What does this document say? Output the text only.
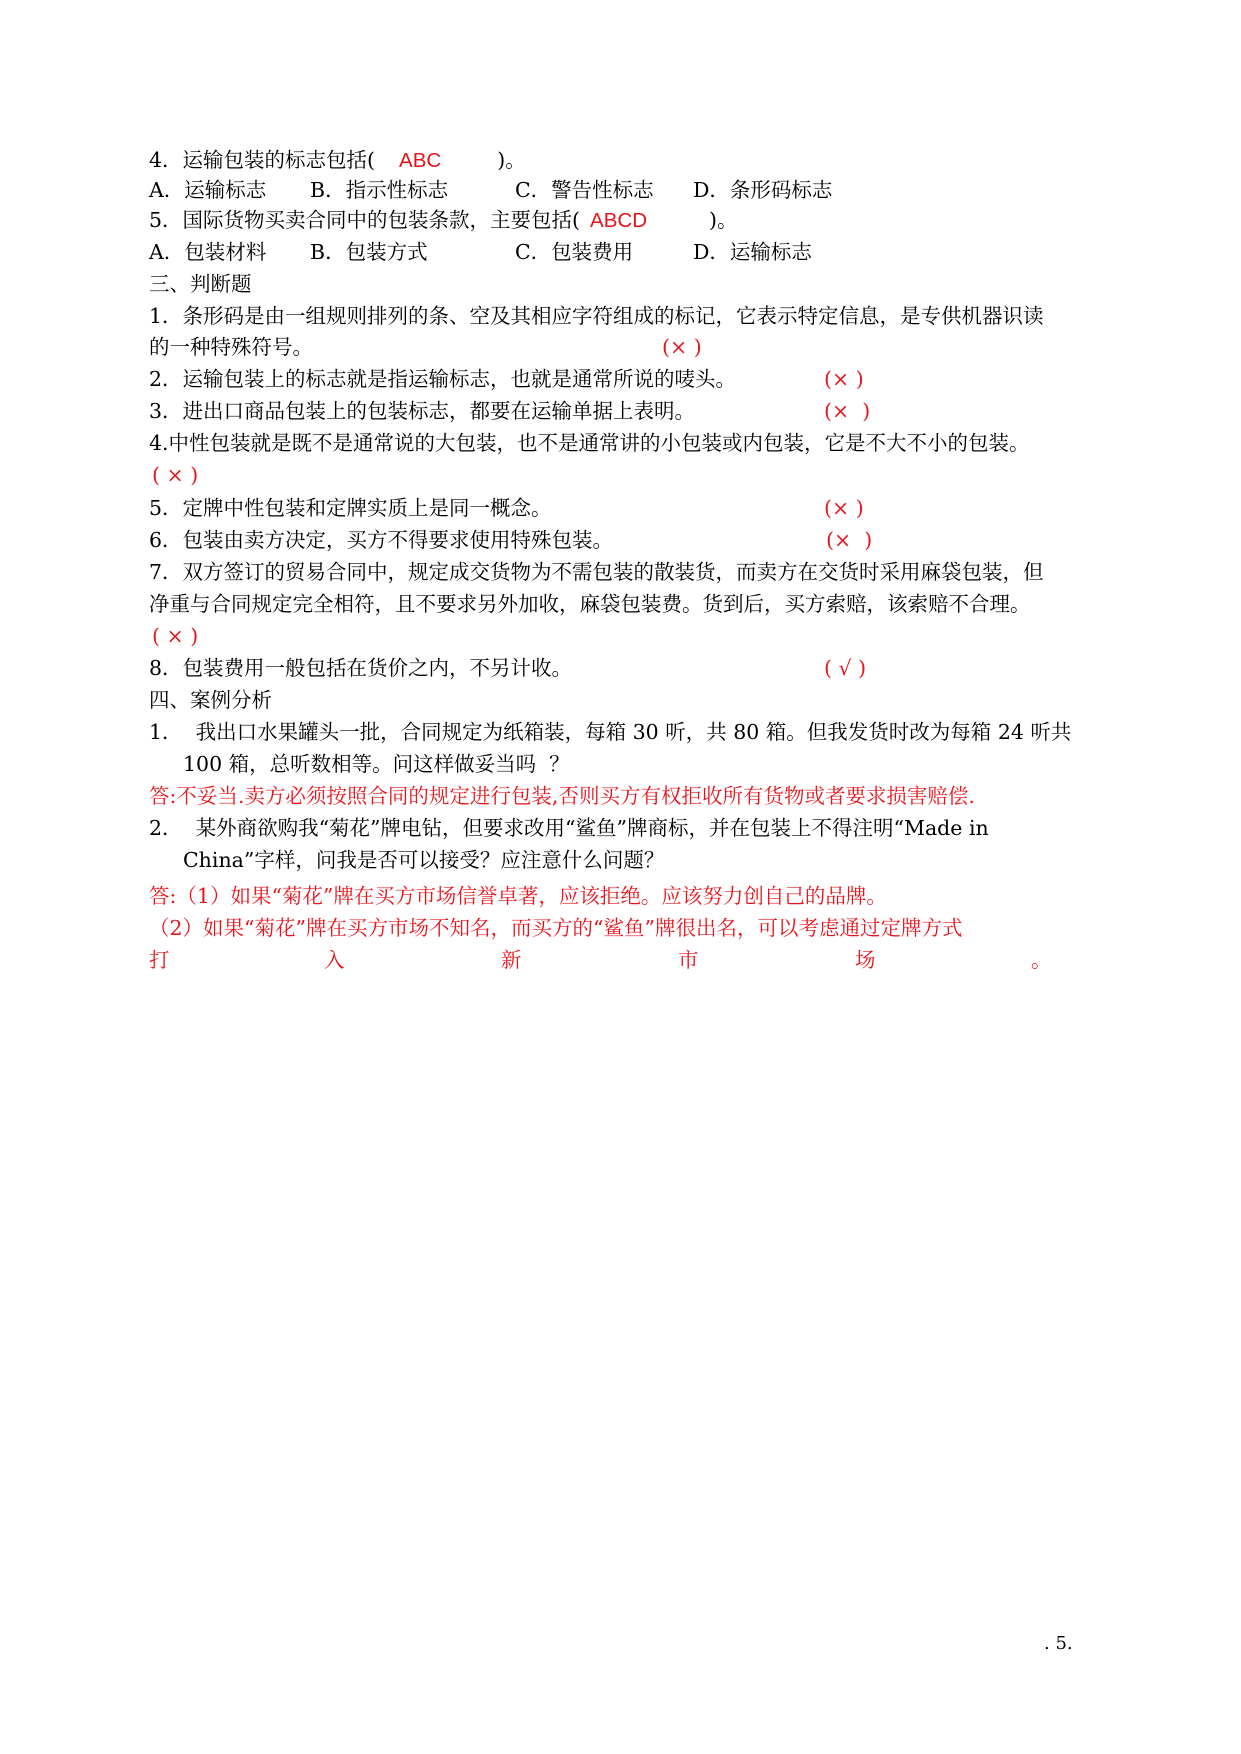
4．运输包装的标志包括( ABC	)。
A．运输标志 B．指示性标志	C．警告性标志 D．条形码标志
5．国际货物买卖合同中的包装条款，主要包括( ABCD	)。
A．包装材料 B．包装方式	C．包装费用	D．运输标志
三、判断题
1．条形码是由一组规则排列的条、空及其相应字符组成的标记，它表示特定信息，是专供机器识读
的一种特殊符号。	(× )
2．运输包装上的标志就是指运输标志，也就是通常所说的唛头。	(× )
3．进出口商品包装上的包装标志，都要在运输单据上表明。	(×  )
4.中性包装就是既不是通常说的大包装，也不是通常讲的小包装或内包装，它是不大不小的包装。
( × )
5．定牌中性包装和定牌实质上是同一概念。	(× )
6．包装由卖方决定，买方不得要求使用特殊包装。	(×  )
7．双方签订的贸易合同中，规定成交货物为不需包装的散装货，而卖方在交货时采用麻袋包装，但
净重与合同规定完全相符，且不要求另外加收，麻袋包装费。货到后，买方索赔，该索赔不合理。
( × )
8．包装费用一般包括在货价之内，不另计收。	( √ )
四、案例分析
1．  我出口水果罐头一批，合同规定为纸箱装，每箱 30 听，共 80 箱。但我发货时改为每箱 24 听共
100 箱，总听数相等。问这样做妥当吗  ？
答:不妥当.卖方必须按照合同的规定进行包装,否则买方有权拒收所有货物或者要求损害赔偿.
2．  某外商欲购我“菊花”牌电钻，但要求改用“鲨鱼”牌商标，并在包装上不得注明“Made in
China”字样，问我是否可以接受？应注意什么问题？
答:（1）如果“菊花”牌在买方市场信誉卓著，应该拒绝。应该努力创自己的品牌。
（2）如果“菊花”牌在买方市场不知名，而买方的“鲨鱼”牌很出名，可以考虑通过定牌方式
打	入	新	市	场	。
. 5.
